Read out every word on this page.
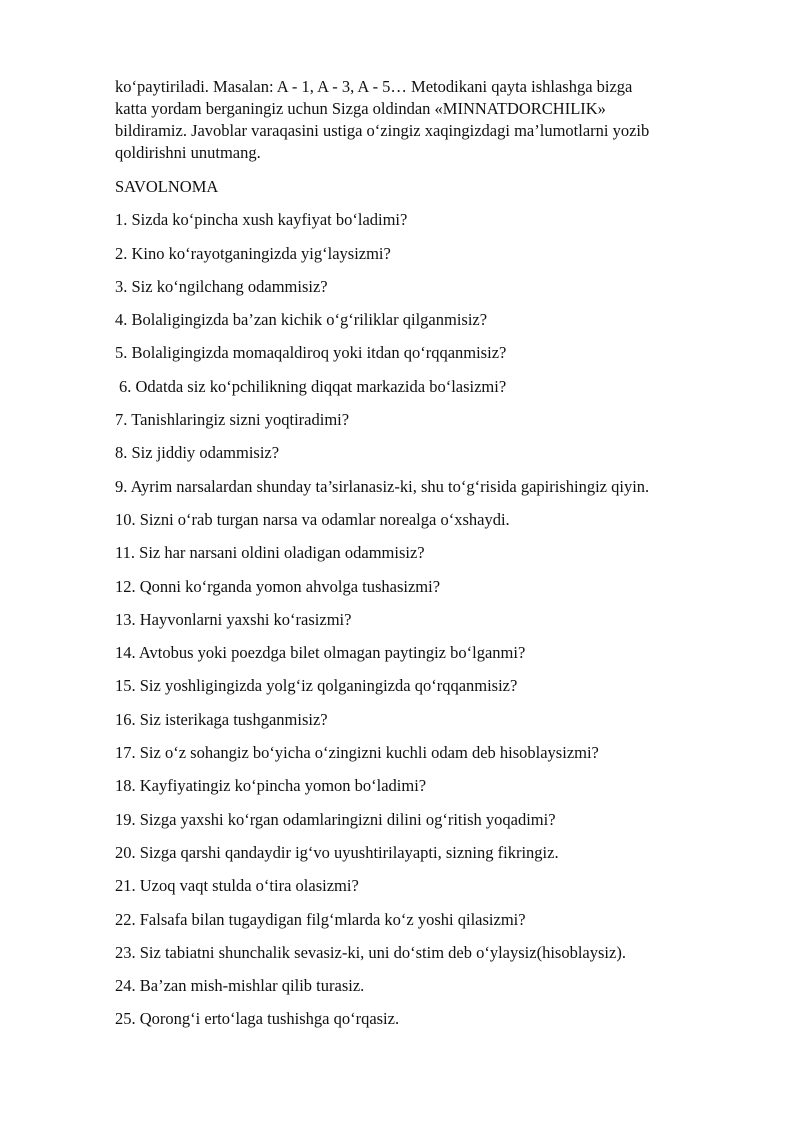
ko‘paytiriladi. Masalan: A - 1, A - 3, A - 5… Metodikani qayta ishlashga bizga
katta yordam berganingiz uchun Sizga oldindan «MINNATDORCHILIK»
bildiramiz. Javoblar varaqasini ustiga o‘zingiz xaqingizdagi ma’lumotlarni yozib
qoldirishni unutmang.

SAVOLNOMA

1. Sizda ko‘pincha xush kayfiyat bo‘ladimi?
2. Kino ko‘rayotganingizda yig‘laysizmi?
3. Siz ko‘ngilchang odammisiz?
4. Bolaligingizda ba’zan kichik o‘g‘riliklar qilganmisiz?
5. Bolaligingizda momaqaldiroq yoki itdan qo‘rqqanmisiz?
6. Odatda siz ko‘pchilikning diqqat markazida bo‘lasizmi?
7. Tanishlaringiz sizni yoqtiradimi?
8. Siz jiddiy odammisiz?
9. Ayrim narsalardan shunday ta’sirlanasiz-ki, shu to‘g‘risida gapirishingiz qiyin.
10. Sizni o‘rab turgan narsa va odamlar norealga o‘xshaydi.
11. Siz har narsani oldini oladigan odammisiz?
12. Qonni ko‘rganda yomon ahvolga tushasizmi?
13. Hayvonlarni yaxshi ko‘rasizmi?
14. Avtobus yoki poezdga bilet olmagan paytingiz bo‘lganmi?
15. Siz yoshligingizda yolg‘iz qolganingizda qo‘rqqanmisiz?
16. Siz isterikaga tushganmisiz?
17. Siz o‘z sohangiz bo‘yicha o‘zingizni kuchli odam deb hisoblaysizmi?
18. Kayfiyatingiz ko‘pincha yomon bo‘ladimi?
19. Sizga yaxshi ko‘rgan odamlaringizni dilini og‘ritish yoqadimi?
20. Sizga qarshi qandaydir ig‘vo uyushtirilayapti, sizning fikringiz.
21. Uzoq vaqt stulda o‘tira olasizmi?
22. Falsafa bilan tugaydigan filg‘mlarda ko‘z yoshi qilasizmi?
23. Siz tabiatni shunchalik sevasiz-ki, uni do‘stim deb o‘ylaysiz(hisoblaysiz).
24. Ba’zan mish-mishlar qilib turasiz.
25. Qorong‘i erto‘laga tushishga qo‘rqasiz.
